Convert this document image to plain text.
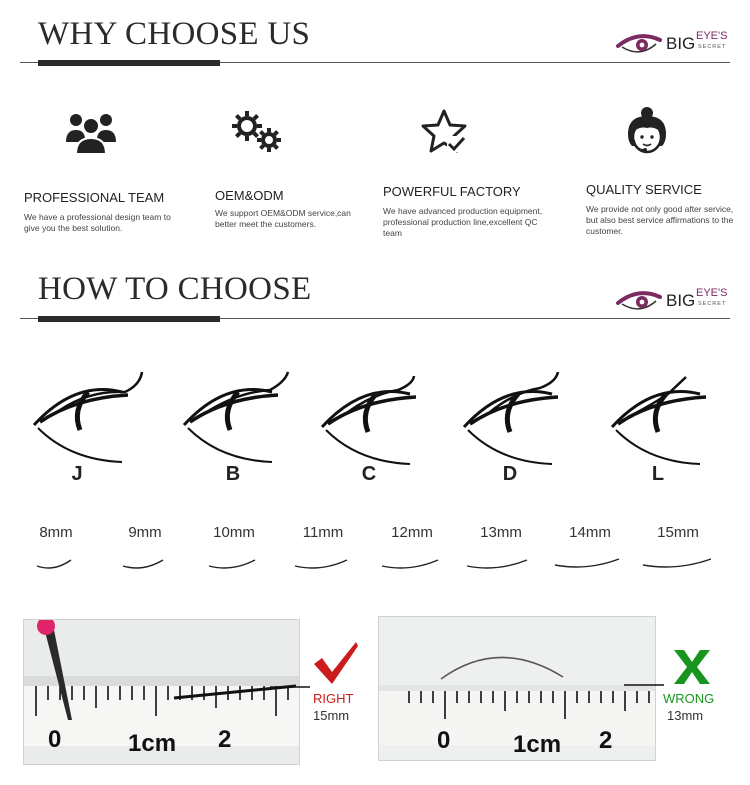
WHY CHOOSE US	BIG EYE'S
SECRET
PROFESSIONAL TEAM
We have a professional design team to give you the best solution.
OEM&ODM
We support OEM&ODM service,can better meet the customers.
POWERFUL FACTORY
We have advanced production equipment, professional production line,excellent QC team
QUALITY SERVICE
We provide not only good after service, but also best service affirmations to the customer.
HOW TO CHOOSE	BIG EYE'S
SECRET
J	B	C	D	L
8mm	9mm	10mm	11mm	12mm	13mm	14mm	15mm
0	1cm 2
RIGHT
15mm
0	1cm 2
WRONG
13mm
